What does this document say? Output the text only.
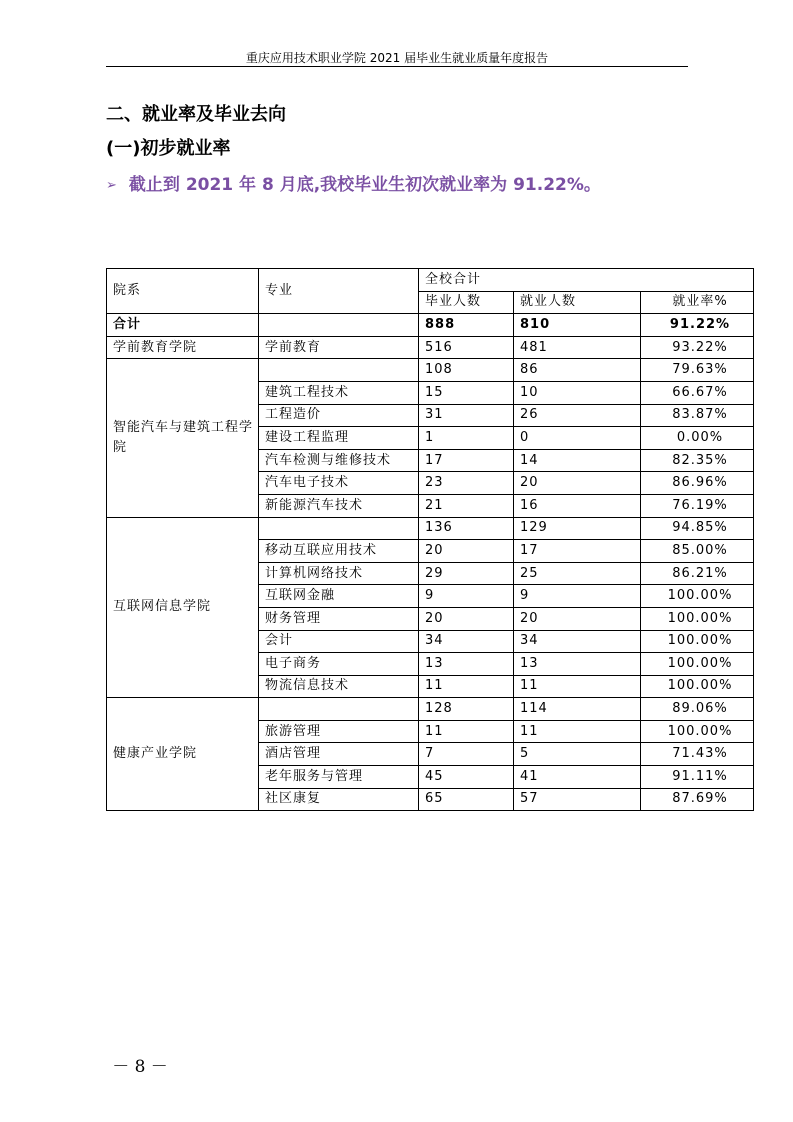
重庆应用技术职业学院 2021 届毕业生就业质量年度报告
二、就业率及毕业去向
(一)初步就业率
➢ 截止到 2021 年 8 月底,我校毕业生初次就业率为 91.22%。
院系	专业	全校合计		
		毕业人数	就业人数	就业率%
合计		888	810	91.22%
学前教育学院	学前教育	516	481	93.22%
智能汽车与建筑工程学院		108	86	79.63%
	建筑工程技术	15	10	66.67%
	工程造价	31	26	83.87%
	建设工程监理	1	0	0.00%
	汽车检测与维修技术	17	14	82.35%
	汽车电子技术	23	20	86.96%
	新能源汽车技术	21	16	76.19%
互联网信息学院		136	129	94.85%
	移动互联应用技术	20	17	85.00%
	计算机网络技术	29	25	86.21%
	互联网金融	9	9	100.00%
	财务管理	20	20	100.00%
	会计	34	34	100.00%
	电子商务	13	13	100.00%
	物流信息技术	11	11	100.00%
健康产业学院		128	114	89.06%
	旅游管理	11	11	100.00%
	酒店管理	7	5	71.43%
	老年服务与管理	45	41	91.11%
	社区康复	65	57	87.69%
－ 8 －
